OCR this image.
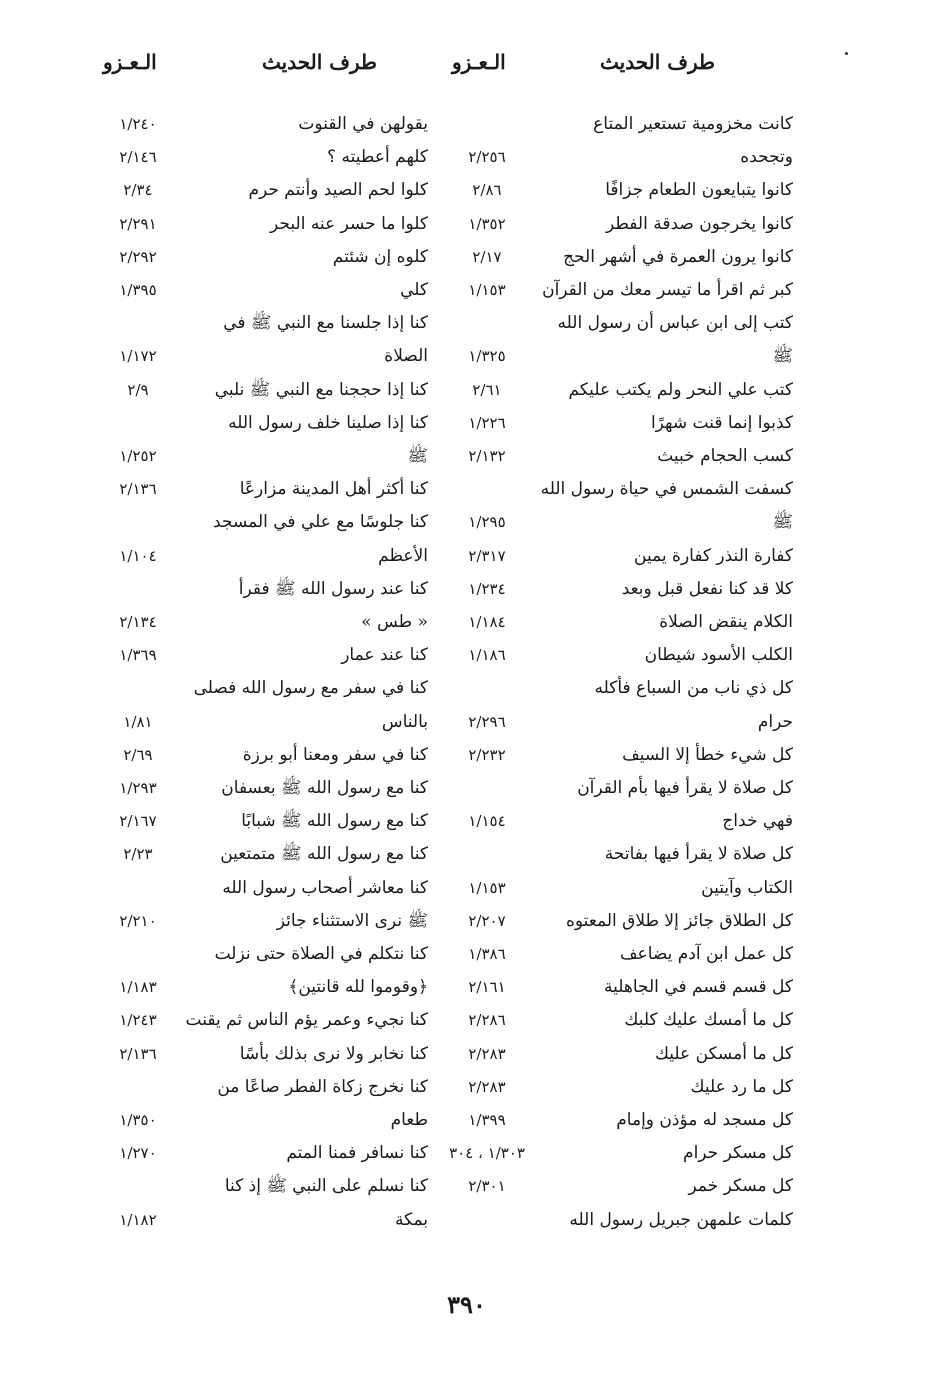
طرف الحديث
الـعـزو
طرف الحديث
الـعـزو
كانت مخزومية تستعير المتاع
وتجحده
٢/٢٥٦
كانوا يتبايعون الطعام جزافًا
٢/٨٦
كانوا يخرجون صدقة الفطر
١/٣٥٢
كانوا يرون العمرة في أشهر الحج
٢/١٧
كبر ثم اقرأ ما تيسر معك من القرآن
١/١٥٣
كتب إلى ابن عباس أن رسول الله
ﷺ
١/٣٢٥
كتب علي النحر ولم يكتب عليكم
٢/٦١
كذبوا إنما قنت شهرًا
١/٢٢٦
كسب الحجام خبيث
٢/١٣٢
كسفت الشمس في حياة رسول الله
ﷺ
١/٢٩٥
كفارة النذر كفارة يمين
٢/٣١٧
كلا قد كنا نفعل قبل وبعد
١/٢٣٤
الكلام ينقض الصلاة
١/١٨٤
الكلب الأسود شيطان
١/١٨٦
كل ذي ناب من السباع فأكله
حرام
٢/٢٩٦
كل شيء خطأ إلا السيف
٢/٢٣٢
كل صلاة لا يقرأ فيها بأم القرآن
فهي خداج
١/١٥٤
كل صلاة لا يقرأ فيها بفاتحة
الكتاب وآيتين
١/١٥٣
كل الطلاق جائز إلا طلاق المعتوه
٢/٢٠٧
كل عمل ابن آدم يضاعف
١/٣٨٦
كل قسم قسم في الجاهلية
٢/١٦١
كل ما أمسك عليك كلبك
٢/٢٨٦
كل ما أمسكن عليك
٢/٢٨٣
كل ما رد عليك
٢/٢٨٣
كل مسجد له مؤذن وإمام
١/٣٩٩
كل مسكر حرام
١/٣٠٣ ، ٣٠٤
كل مسكر خمر
٢/٣٠١
كلمات علمهن جبريل رسول الله
يقولهن في القنوت
١/٢٤٠
كلهم أعطيته ؟
٢/١٤٦
كلوا لحم الصيد وأنتم حرم
٢/٣٤
كلوا ما حسر عنه البحر
٢/٢٩١
كلوه إن شئتم
٢/٢٩٢
كلي
١/٣٩٥
كنا إذا جلسنا مع النبي ﷺ في
الصلاة
١/١٧٢
كنا إذا حججنا مع النبي ﷺ نلبي
٢/٩
كنا إذا صلينا خلف رسول الله
ﷺ
١/٢٥٢
كنا أكثر أهل المدينة مزارعًا
٢/١٣٦
كنا جلوسًا مع علي في المسجد
الأعظم
١/١٠٤
كنا عند رسول الله ﷺ فقرأ
« طس »
٢/١٣٤
كنا عند عمار
١/٣٦٩
كنا في سفر مع رسول الله فصلى
بالناس
١/٨١
كنا في سفر ومعنا أبو برزة
٢/٦٩
كنا مع رسول الله ﷺ بعسفان
١/٢٩٣
كنا مع رسول الله ﷺ شبابًا
٢/١٦٧
كنا مع رسول الله ﷺ متمتعين
٢/٢٣
كنا معاشر أصحاب رسول الله
ﷺ نرى الاستثناء جائز
٢/٢١٠
كنا نتكلم في الصلاة حتى نزلت
﴿وقوموا لله قانتين﴾
١/١٨٣
كنا نجيء وعمر يؤم الناس ثم يقنت
١/٢٤٣
كنا نخابر ولا نرى بذلك بأسًا
٢/١٣٦
كنا نخرج زكاة الفطر صاعًا من
طعام
١/٣٥٠
كنا نسافر فمنا المتم
١/٢٧٠
كنا نسلم على النبي ﷺ إذ كنا
بمكة
١/١٨٢
٣٩٠
